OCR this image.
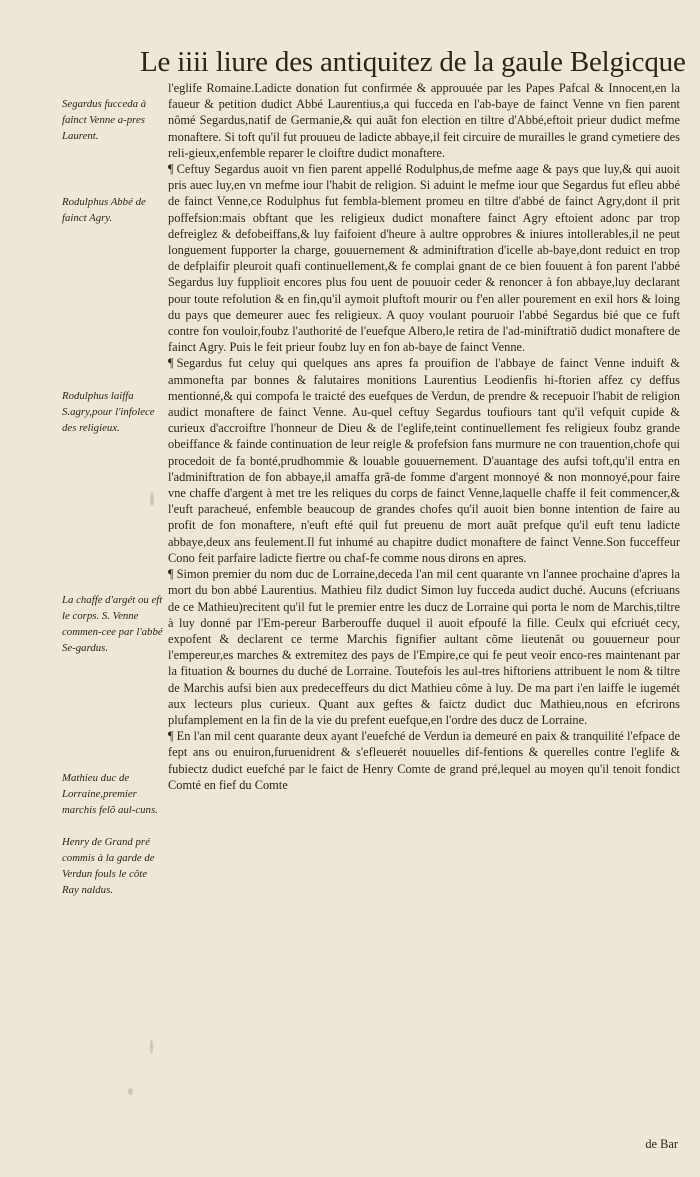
Le iiii liure des antiquitez de la gaule Belgicque
Segardus fucceda à fainct Venne a-pres Laurent.
Rodulphus Abbé de fainct Agry.
Rodulphus laiffa S.agry,pour l'infolece des religieux.
La chaffe d'argét ou eft le corps. S. Venne commen-cee par l'abbé Se-gardus.
Mathieu duc de Lorraine,premier marchis felõ aul-cuns.
Henry de Grand pré commis à la garde de Verdun fouls le côte Ray naldus.

l'eglife Romaine.Ladicte donation fut confirmée & approuuée par les Papes Pafcal & Innocent,en la faueur & petition dudict Abbé Laurentius,a qui fucceda en l'ab-baye de fainct Venne vn fien parent nômé Segardus,natif de Germanie,& qui auãt fon election en tiltre d'Abbé,eftoit prieur dudict mefme monaftere. Si toft qu'il fut prouueu de ladicte abbaye,il feit circuire de murailles le grand cymetiere des reli-gieux,enfemble reparer le cloiftre dudict monaftere.

¶ Ceftuy Segardus auoit vn fien parent appellé Rodulphus,de mefme aage & pays que luy,& qui auoit pris auec luy,en vn mefme iour l'habit de religion. Si aduint le mefme iour que Segardus fut efleu abbé de fainct Venne,ce Rodulphus fut fembla-blement promeu en tiltre d'abbé de fainct Agry,dont il prit poffefsion:mais obftant que les religieux dudict monaftere fainct Agry eftoient adonc par trop defreiglez & defobeiffans,& luy faifoient d'heure à aultre opprobres & iniures intollerables,il ne peut longuement fupporter la charge, gouuernement & adminiftration d'icelle ab-baye,dont reduict en trop de defplaifir pleuroit quafi continuellement,& fe complai gnant de ce bien fouuent à fon parent l'abbé Segardus luy fupplioit encores plus fou uent de pouuoir ceder & renoncer à fon abbaye,luy declarant pour toute refolution & en fin,qu'il aymoit pluftoft mourir ou f'en aller pourement en exil hors & loing du pays que demeurer auec fes religieux. A quoy voulant pouruoir l'abbé Segardus bié que ce fuft contre fon vouloir,foubz l'authorité de l'euefque Albero,le retira de l'ad-miniftratiõ dudict monaftere de fainct Agry. Puis le feit prieur foubz luy en fon ab-baye de fainct Venne.

¶ Segardus fut celuy qui quelques ans apres fa prouifion de l'abbaye de fainct Venne induift & ammonefta par bonnes & falutaires monitions Laurentius Leodienfis hi-ftorien affez cy deffus mentionné,& qui compofa le traicté des euefques de Verdun, de prendre & recepuoir l'habit de religion audict monaftere de fainct Venne. Au-quel ceftuy Segardus toufiours tant qu'il vefquit cupide & curieux d'accroiftre l'honneur de Dieu & de l'eglife,teint continuellement fes religieux foubz grande obeiffance & fainde continuation de leur reigle & profefsion fans murmure ne con trauention,chofe qui procedoit de fa bonté,prudhommie & louable gouuernement. D'auantage des aufsi toft,qu'il entra en l'adminiftration de fon abbaye,il amaffa grã-de fomme d'argent monnoyé & non monnoyé,pour faire vne chaffe d'argent à met tre les reliques du corps de fainct Venne,laquelle chaffe il feit commencer,& l'euft paracheué, enfemble beaucoup de grandes chofes qu'il auoit bien bonne intention de faire au profit de fon monaftere, n'euft efté quil fut preuenu de mort auãt prefque qu'il euft tenu ladicte abbaye,deux ans feulement.Il fut inhumé au chapitre dudict monaftere de fainct Venne.Son fucceffeur Cono feit parfaire ladicte fiertre ou chaf-fe comme nous dirons en apres.

¶ Simon premier du nom duc de Lorraine,deceda l'an mil cent quarante vn l'annee prochaine d'apres la mort du bon abbé Laurentius. Mathieu filz dudict Simon luy fucceda audict duché. Aucuns (efcriuans de ce Mathieu)recitent qu'il fut le premier entre les ducz de Lorraine qui porta le nom de Marchis,tiltre à luy donné par l'Em-pereur Barberouffe duquel il auoit efpoufé la fille. Ceulx qui efcriuét cecy, expofent & declarent ce terme Marchis fignifier aultant cõme lieutenãt ou gouuerneur pour l'empereur,es marches & extremitez des pays de l'Empire,ce qui fe peut veoir enco-res maintenant par la fituation & bournes du duché de Lorraine. Toutefois les aul-tres hiftoriens attribuent le nom & tiltre de Marchis aufsi bien aux predeceffeurs du dict Mathieu côme à luy. De ma part i'en laiffe le iugemét aux lecteurs plus curieux. Quant aux geftes & faictz dudict duc Mathieu,nous en efcrirons plufamplement en la fin de la vie du prefent euefque,en l'ordre des ducz de Lorraine.

¶ En l'an mil cent quarante deux ayant l'euefché de Verdun ia demeuré en paix & tranquilité l'efpace de fept ans ou enuiron,furuenidrent & s'efleuerét nouuelles dif-fentions & querelles contre l'eglife & fubiectz dudict euefché par le faict de Henry Comte de grand pré,lequel au moyen qu'il tenoit fondict Comté en fief du Comte

de Bar
